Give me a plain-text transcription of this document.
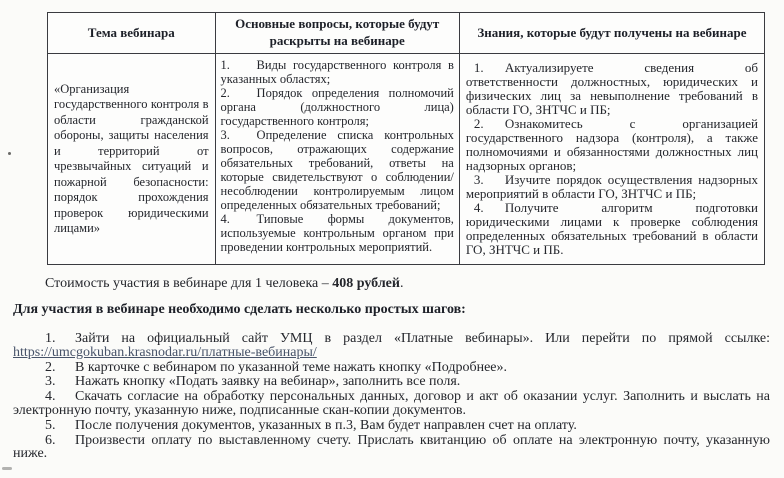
Тема вебинара
Основные вопросы, которые будут раскрыты на вебинаре
Знания, которые будут получены на вебинаре

«Организация государственного контроля в области гражданской обороны, защиты населения и территорий от чрезвычайных ситуаций и пожарной безопасности: порядок прохождения проверок юридическими лицами»

1. Виды государственного контроля в указанных областях;

2. Порядок определения полномочий органа (должностного лица) государственного контроля;

3. Определение списка контрольных вопросов, отражающих содержание обязательных требований, ответы на которые свидетельствуют о соблюдении/несоблюдении контролируемым лицом определенных обязательных требований;

4. Типовые формы документов, используемые контрольным органом при проведении контрольных мероприятий.

1. Актуализируете сведения об ответственности должностных, юридических и физических лиц за невыполнение требований в области ГО, ЗНТЧС и ПБ;

2. Ознакомитесь с организацией государственного надзора (контроля), а также полномочиями и обязанностями должностных лиц надзорных органов;

3. Изучите порядок осуществления надзорных мероприятий в области ГО, ЗНТЧС и ПБ;

4. Получите алгоритм подготовки юридическими лицами к проверке соблюдения определенных обязательных требований в области ГО, ЗНТЧС и ПБ.

Стоимость участия в вебинаре для 1 человека – 408 рублей.

Для участия в вебинаре необходимо сделать несколько простых шагов:

1. Зайти на официальный сайт УМЦ в раздел «Платные вебинары». Или перейти по прямой ссылке: https://umcgokuban.krasnodar.ru/платные-вебинары/

2. В карточке с вебинаром по указанной теме нажать кнопку «Подробнее».

3. Нажать кнопку «Подать заявку на вебинар», заполнить все поля.

4. Скачать согласие на обработку персональных данных, договор и акт об оказании услуг. Заполнить и выслать на электронную почту, указанную ниже, подписанные скан-копии документов.

5. После получения документов, указанных в п.3, Вам будет направлен счет на оплату.

6. Произвести оплату по выставленному счету. Прислать квитанцию об оплате на электронную почту, указанную ниже.
